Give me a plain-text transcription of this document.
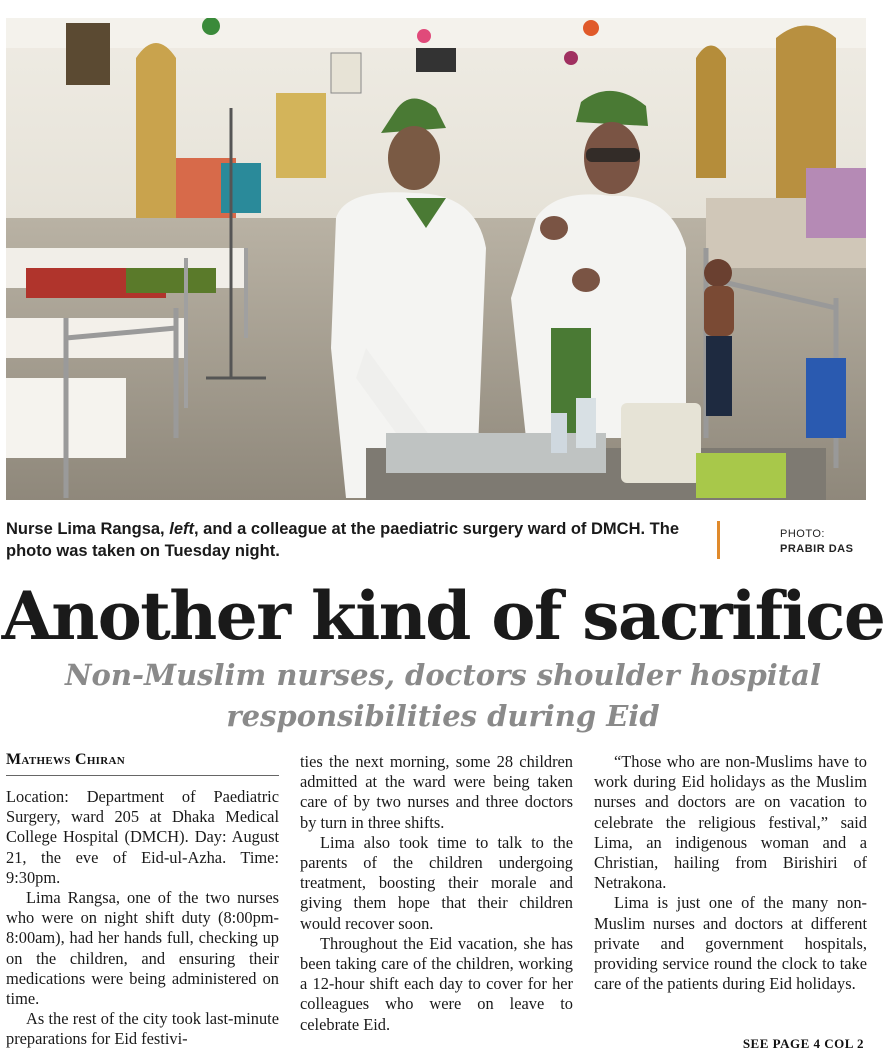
Nurse Lima Rangsa, left, and a colleague at the paediatric surgery ward of DMCH. The photo was taken on Tuesday night.
PHOTO:
PRABIR DAS
Another kind of sacrifice
Non-Muslim nurses, doctors shoulder hospital responsibilities during Eid
Mathews Chiran

Location: Department of Paediatric Surgery, ward 205 at Dhaka Medical College Hospital (DMCH). Day: August 21, the eve of Eid-ul-Azha. Time: 9:30pm.

Lima Rangsa, one of the two nurses who were on night shift duty (8:00pm-8:00am), had her hands full, checking up on the children, and ensuring their medications were being administered on time.

As the rest of the city took last-minute preparations for Eid festivi-

ties the next morning, some 28 children admitted at the ward were being taken care of by two nurses and three doctors by turn in three shifts.

Lima also took time to talk to the parents of the children undergoing treatment, boosting their morale and giving them hope that their children would recover soon.

Throughout the Eid vacation, she has been taking care of the children, working a 12-hour shift each day to cover for her colleagues who were on leave to celebrate Eid.

“Those who are non-Muslims have to work during Eid holidays as the Muslim nurses and doctors are on vacation to celebrate the religious festival,” said Lima, an indigenous woman and a Christian, hailing from Birishiri of Netrakona.

Lima is just one of the many non-Muslim nurses and doctors at different private and government hospitals, providing service round the clock to take care of the patients during Eid holidays.

SEE PAGE 4 COL 2
